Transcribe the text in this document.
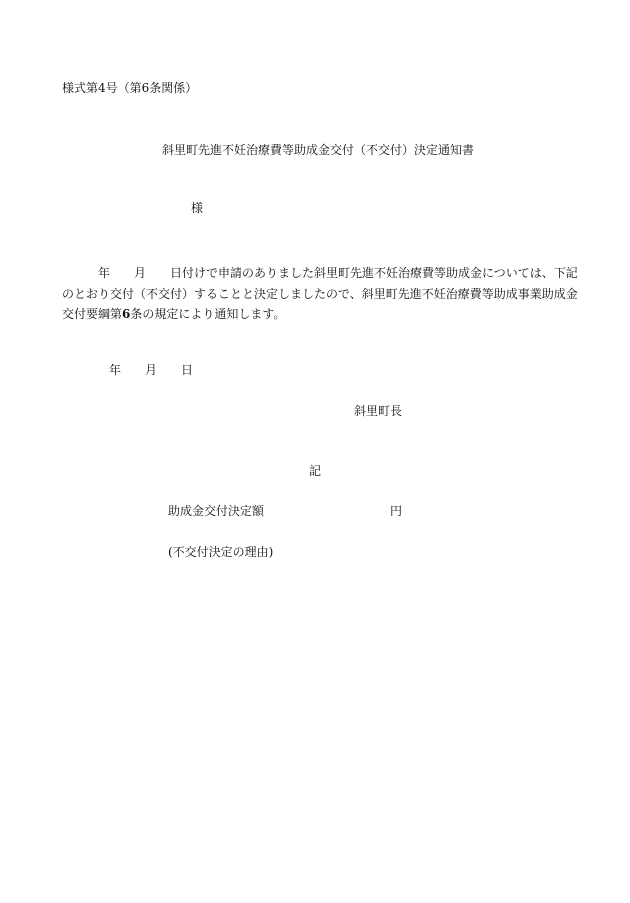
様式第4号（第6条関係）
斜里町先進不妊治療費等助成金交付（不交付）決定通知書
様
年 月 日付けで申請のありました斜里町先進不妊治療費等助成金については、下記
のとおり交付（不交付）することと決定しましたので、斜里町先進不妊治療費等助成事業助成金
交付要綱第6条の規定により通知します。
年 月 日
斜里町長
記
助成金交付決定額	円
(不交付決定の理由)
